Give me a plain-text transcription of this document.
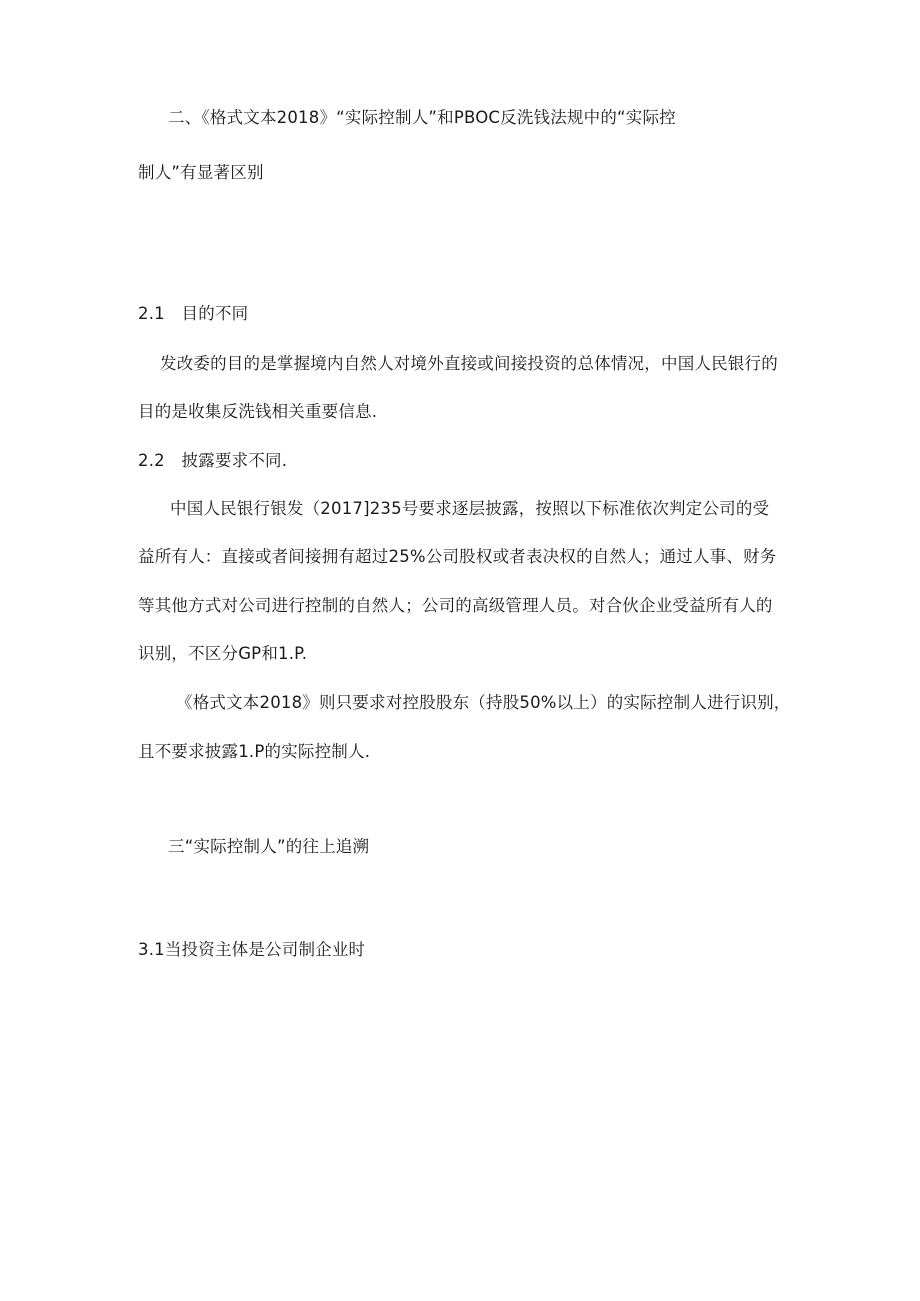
二、《格式文本2018》“实际控制人”和PBOC反洗钱法规中的“实际控
制人”有显著区别
2.1　目的不同
发改委的目的是掌握境内自然人对境外直接或间接投资的总体情况，中国人民银行的
目的是收集反洗钱相关重要信息.
2.2　披露要求不同.
中国人民银行银发（2017]235号要求逐层披露，按照以下标准依次判定公司的受
益所有人：直接或者间接拥有超过25%公司股权或者表决权的自然人；通过人事、财务
等其他方式对公司进行控制的自然人；公司的高级管理人员。对合伙企业受益所有人的
识别，不区分GP和1.P.
《格式文本2018》则只要求对控股股东（持股50%以上）的实际控制人进行识别，
且不要求披露1.P的实际控制人.
三“实际控制人”的往上追溯
3.1当投资主体是公司制企业时
